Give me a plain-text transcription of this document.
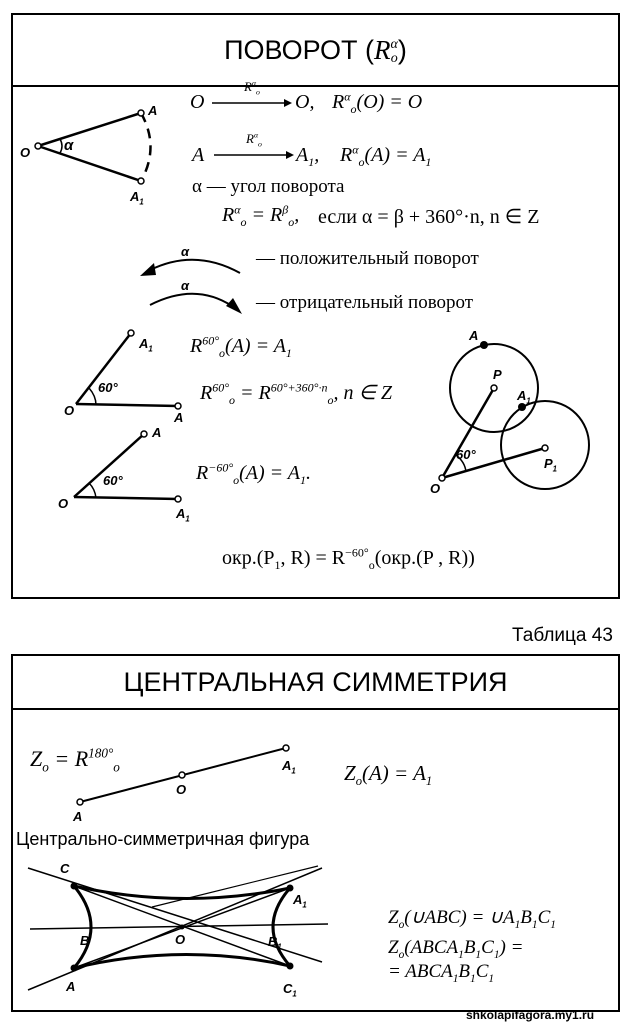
ПОВОРОТ (R α
o )
O
$R^\alpha_o$ O, $R^\alpha_o(O) = O$
A
$R^\alpha_o$ $A_1$, $R^\alpha_o(A) = A_1$
α — угол поворота
$R^\alpha_o = R^\beta_o$, если α = β + 360°·n, n ∈ Z
— положительный поворот
— отрицательный поворот
α
α
O
A
$A_1$
α
$A_1$
O	A
60°
A
O
$A_1$
60°
$R^{60^\circ}_o(A) = A_1$
$R^{60^\circ}_o = R^{60^\circ+360^\circ\cdot n}_o$, n ∈ Z
$R^{-60^\circ}_o(A) = A_1$.
A
P
$A_1$
60°
$P_1$
O
$окр.(P_1$, $R) = R^{-60^\circ}_o(окр.(P$ , R))
Таблица 43
ЦЕНТРАЛЬНАЯ СИММЕТРИЯ
$Z_o = R^{180^\circ}_o$	$Z_o(A) = A_1$
A
O
$A_1$
Центрально-симметричная фигура
C
$A_1$
B	O	$B_1$
A	$C_1$
$Z_o(\cup ABC)$ = $\cup A_1B_1C_1$
$Z_o(ABCA_1B_1C_1)$ =
= $ABCA_1B_1C_1$
shkolapifagora.my1.ru
